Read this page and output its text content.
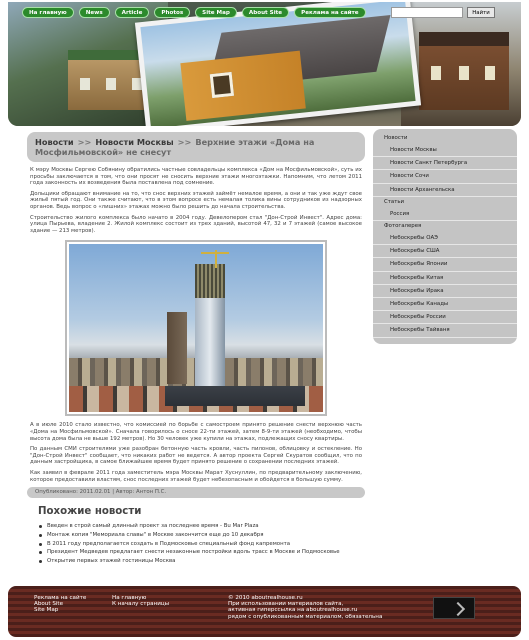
На главную	News	Article	Photos	Site Map	About Site	Реклама на сайте	Найти
Новости >> Новости Москвы >> Верхние этажи «Дома на Мосфильмовской» не снесут

К мэру Москвы Сергею Собянину обратились частные совладельцы комплекса «Дом на Мосфильмовской», суть их просьбы заключается в том, что они просят не сносить верхние этажи многоэтажки. Напомним, что летом 2011 года законность их возведения была поставлена под сомнение.

Дольщики обращают внимание на то, что снос верхних этажей займёт немалое время, а они и так уже ждут свое жильё пятый год. Они также считают, что в этом вопросе есть немалая толика вины сотрудников из надзорных органов. Ведь вопрос о «лишних» этажах можно было решить до начала строительства.

Строительство жилого комплекса было начато в 2004 году. Девелопером стал "Дон-Строй Инвест". Адрес дома: улица Пырьева, владение 2. Жилой комплекс состоит из трех зданий, высотой 47, 32 и 7 этажей (самое высокое здание — 213 метров).

А в июле 2010 стало известно, что комиссией по борьбе с самостроем принято решение снести верхнюю часть «Дома на Мосфильмовской». Сначала говорилось о сносе 22-ти этажей, затем 8-9-ти этажей (необходимо, чтобы высота дома была не выше 192 метров). Но 30 человек уже купили на этажах, подлежащих сносу квартиры.

По данным СМИ строителями уже разобран бетонную часть кровли, часть пилонов, облицовку и остекление. Но "Дон-Строй Инвест" сообщает, что никаких работ не ведется. А автор проекта Сергей Скуратов сообщил, что по данным застройщика, в самое ближайшее время будет принято решение о сохранении последних этажей.

Как заявил в феврале 2011 года заместитель мэра Москвы Марат Хуснуллин, по предварительному заключению, которое предоставили властям, снос последних этажей будет небезопасным и обойдется в большую сумму.

Опубликовано: 2011.02.01 | Автор: Антон П.С.
Похожие новости
Введен в строй самый длинный проект за последнее время - Bu Mar Plaza
Монтаж копия "Мемориала славы" в Москве закончится еще до 10 декабря
В 2011 году предполагается создать в Подмосковье специальный фонд капремонта
Президент Медведев предлагает снести незаконные постройки вдоль трасс в Москве и Подмосковье
Открытие первых этажей гостиницы Москва
Новости
Новости Москвы
Новости Санкт Петербурга
Новости Сочи
Новости Архангельска
Статьи
Россия
Фотогалерея
Небоскребы ОАЭ
Небоскребы США
Небоскребы Японии
Небоскребы Китая
Небоскребы Ирака
Небоскребы Канады
Небоскребы России
Небоскребы Тайваня
Реклама на сайте
About Site
Site Map
На главную
К началу страницы
© 2010 aboutrealhouse.ru
При использовании материалов сайта,
активная гиперссылка на aboutrealhouse.ru
рядом с опубликованным материалом, обязательна
